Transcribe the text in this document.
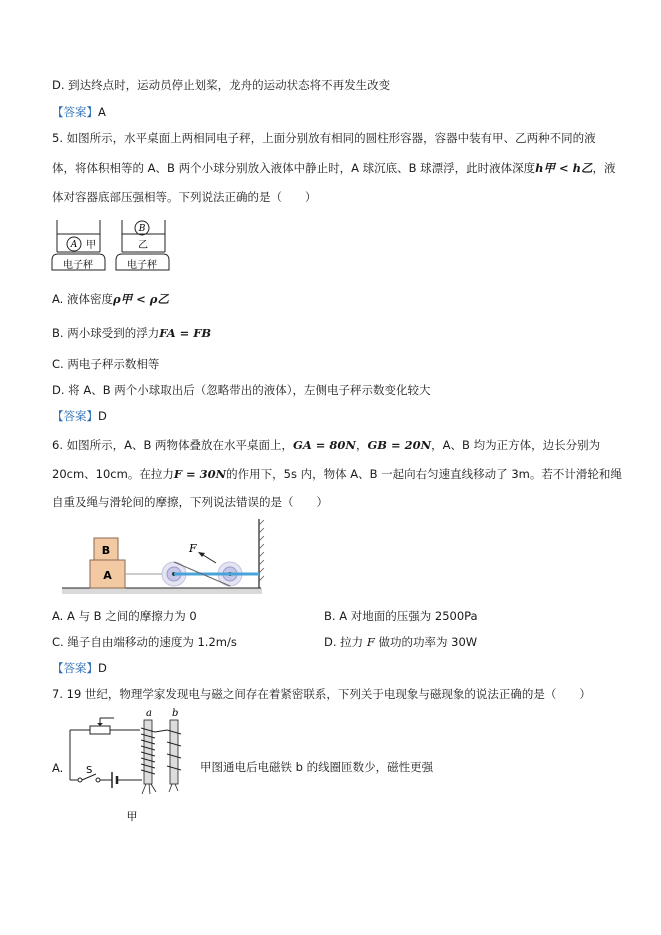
D. 到达终点时，运动员停止划桨，龙舟的运动状态将不再发生改变
【答案】A
5. 如图所示，水平桌面上两相同电子秤，上面分别放有相同的圆柱形容器，容器中装有甲、乙两种不同的液
体，将体积相等的 A、B 两个小球分别放入液体中静止时，A 球沉底、B 球漂浮，此时液体深度h甲 < h乙，液
体对容器底部压强相等。下列说法正确的是（　　）
A 甲
电子秤
B
乙
电子秤
A. 液体密度ρ甲 < ρ乙
B. 两小球受到的浮力FA = FB
C. 两电子秤示数相等
D. 将 A、B 两个小球取出后（忽略带出的液体），左侧电子秤示数变化较大
【答案】D
6. 如图所示，A、B 两物体叠放在水平桌面上，GA = 80N，GB = 20N，A、B 均为正方体，边长分别为
20cm、10cm。在拉力F = 30N的作用下，5s 内，物体 A、B 一起向右匀速直线移动了 3m。若不计滑轮和绳
自重及绳与滑轮间的摩擦，下列说法错误的是（　　）
A
B	F
A. A 与 B 之间的摩擦力为 0	B. A 对地面的压强为 2500Pa
C. 绳子自由端移动的速度为 1.2m/s	D. 拉力 F 做功的功率为 30W
【答案】D
7. 19 世纪，物理学家发现电与磁之间存在着紧密联系，下列关于电现象与磁现象的说法正确的是（　　）
A. S
a b
甲
甲图通电后电磁铁 b 的线圈匝数少，磁性更强
